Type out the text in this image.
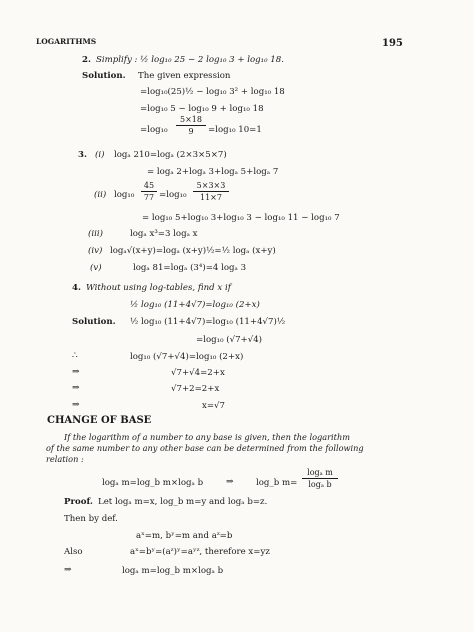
LOGARITHMS	195
2. Simplify : ½ log₁₀ 25 − 2 log₁₀ 3 + log₁₀ 18.
Solution. The given expression
=log₁₀(25)½ − log₁₀ 3² + log₁₀ 18
=log₁₀ 5 − log₁₀ 9 + log₁₀ 18
=log₁₀
5×18
9	=log₁₀ 10=1
3. (i) logₐ 210=logₐ (2×3×5×7)
= logₐ 2+logₐ 3+logₐ 5+logₐ 7
(ii) log₁₀
45
77 =log₁₀
5×3×3
11×7
= log₁₀ 5+log₁₀ 3+log₁₀ 3 − log₁₀ 11 − log₁₀ 7
(iii)	logₐ x³=3 logₐ x
(iv) logₐ√(x+y)=logₐ (x+y)½=½ logₐ (x+y)
(v)	logₐ 81=logₐ (3⁴)=4 logₐ 3
4. Without using log-tables, find x if
½ log₁₀ (11+4√7)=log₁₀ (2+x)
Solution. ½ log₁₀ (11+4√7)=log₁₀ (11+4√7)½
=log₁₀ (√7+√4)
∴	log₁₀ (√7+√4)=log₁₀ (2+x)
⇒	√7+√4=2+x
⇒	√7+2=2+x
⇒	x=√7
CHANGE OF BASE
If the logarithm of a number to any base is given, then the logarithm
of the same number to any other base can be determined from the following
relation :
logₐ m=log_b m×logₐ b	⇒	log_b m=
logₐ m
logₐ b
Proof. Let logₐ m=x, log_b m=y and logₐ b=z.
Then by def.
aˣ=m, bʸ=m and aᶻ=b
Also	aˣ=bʸ=(aᶻ)ʸ=aʸᶻ, therefore x=yz
⇒	logₐ m=log_b m×logₐ b
